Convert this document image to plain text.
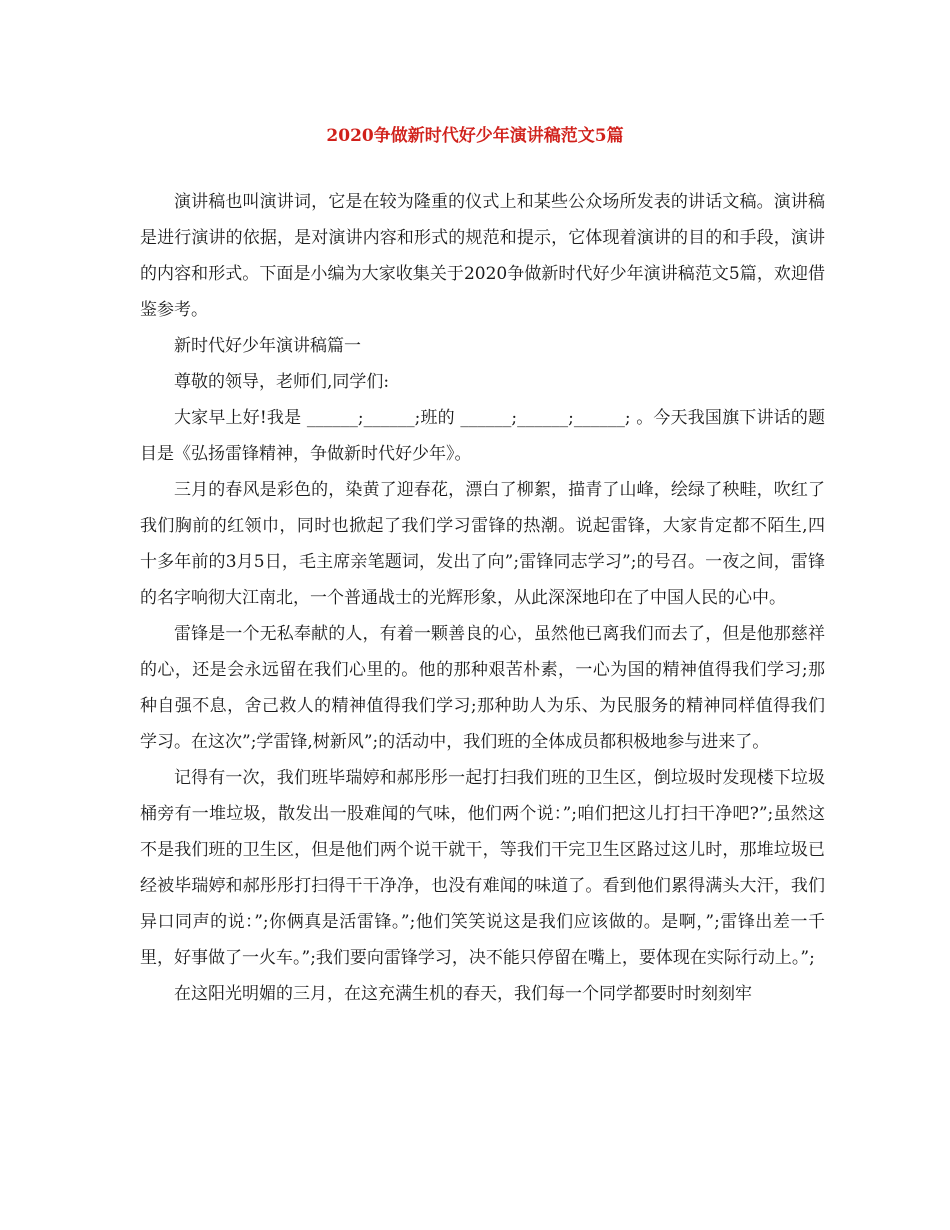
2020争做新时代好少年演讲稿范文5篇

演讲稿也叫演讲词，它是在较为隆重的仪式上和某些公众场所发表的讲话文稿。演讲稿是进行演讲的依据，是对演讲内容和形式的规范和提示，它体现着演讲的目的和手段，演讲的内容和形式。下面是小编为大家收集关于2020争做新时代好少年演讲稿范文5篇，欢迎借鉴参考。

新时代好少年演讲稿篇一

尊敬的领导，老师们,同学们:

大家早上好!我是 ______;______;班的 ______;______;______; 。今天我国旗下讲话的题目是《弘扬雷锋精神，争做新时代好少年》。

三月的春风是彩色的，染黄了迎春花，漂白了柳絮，描青了山峰，绘绿了秧畦，吹红了我们胸前的红领巾，同时也掀起了我们学习雷锋的热潮。说起雷锋，大家肯定都不陌生,四十多年前的3月5日，毛主席亲笔题词，发出了向”;雷锋同志学习”;的号召。一夜之间，雷锋的名字响彻大江南北，一个普通战士的光辉形象，从此深深地印在了中国人民的心中。

雷锋是一个无私奉献的人，有着一颗善良的心，虽然他已离我们而去了，但是他那慈祥的心，还是会永远留在我们心里的。他的那种艰苦朴素，一心为国的精神值得我们学习;那种自强不息，舍己救人的精神值得我们学习;那种助人为乐、为民服务的精神同样值得我们学习。在这次”;学雷锋,树新风”;的活动中，我们班的全体成员都积极地参与进来了。

记得有一次，我们班毕瑞婷和郝彤彤一起打扫我们班的卫生区，倒垃圾时发现楼下垃圾桶旁有一堆垃圾，散发出一股难闻的气味，他们两个说：”;咱们把这儿打扫干净吧?”;虽然这不是我们班的卫生区，但是他们两个说干就干，等我们干完卫生区路过这儿时，那堆垃圾已经被毕瑞婷和郝彤彤打扫得干干净净，也没有难闻的味道了。看到他们累得满头大汗，我们异口同声的说：”;你俩真是活雷锋。”;他们笑笑说这是我们应该做的。是啊，”;雷锋出差一千里，好事做了一火车。”;我们要向雷锋学习，决不能只停留在嘴上，要体现在实际行动上。”;

在这阳光明媚的三月，在这充满生机的春天，我们每一个同学都要时时刻刻牢
